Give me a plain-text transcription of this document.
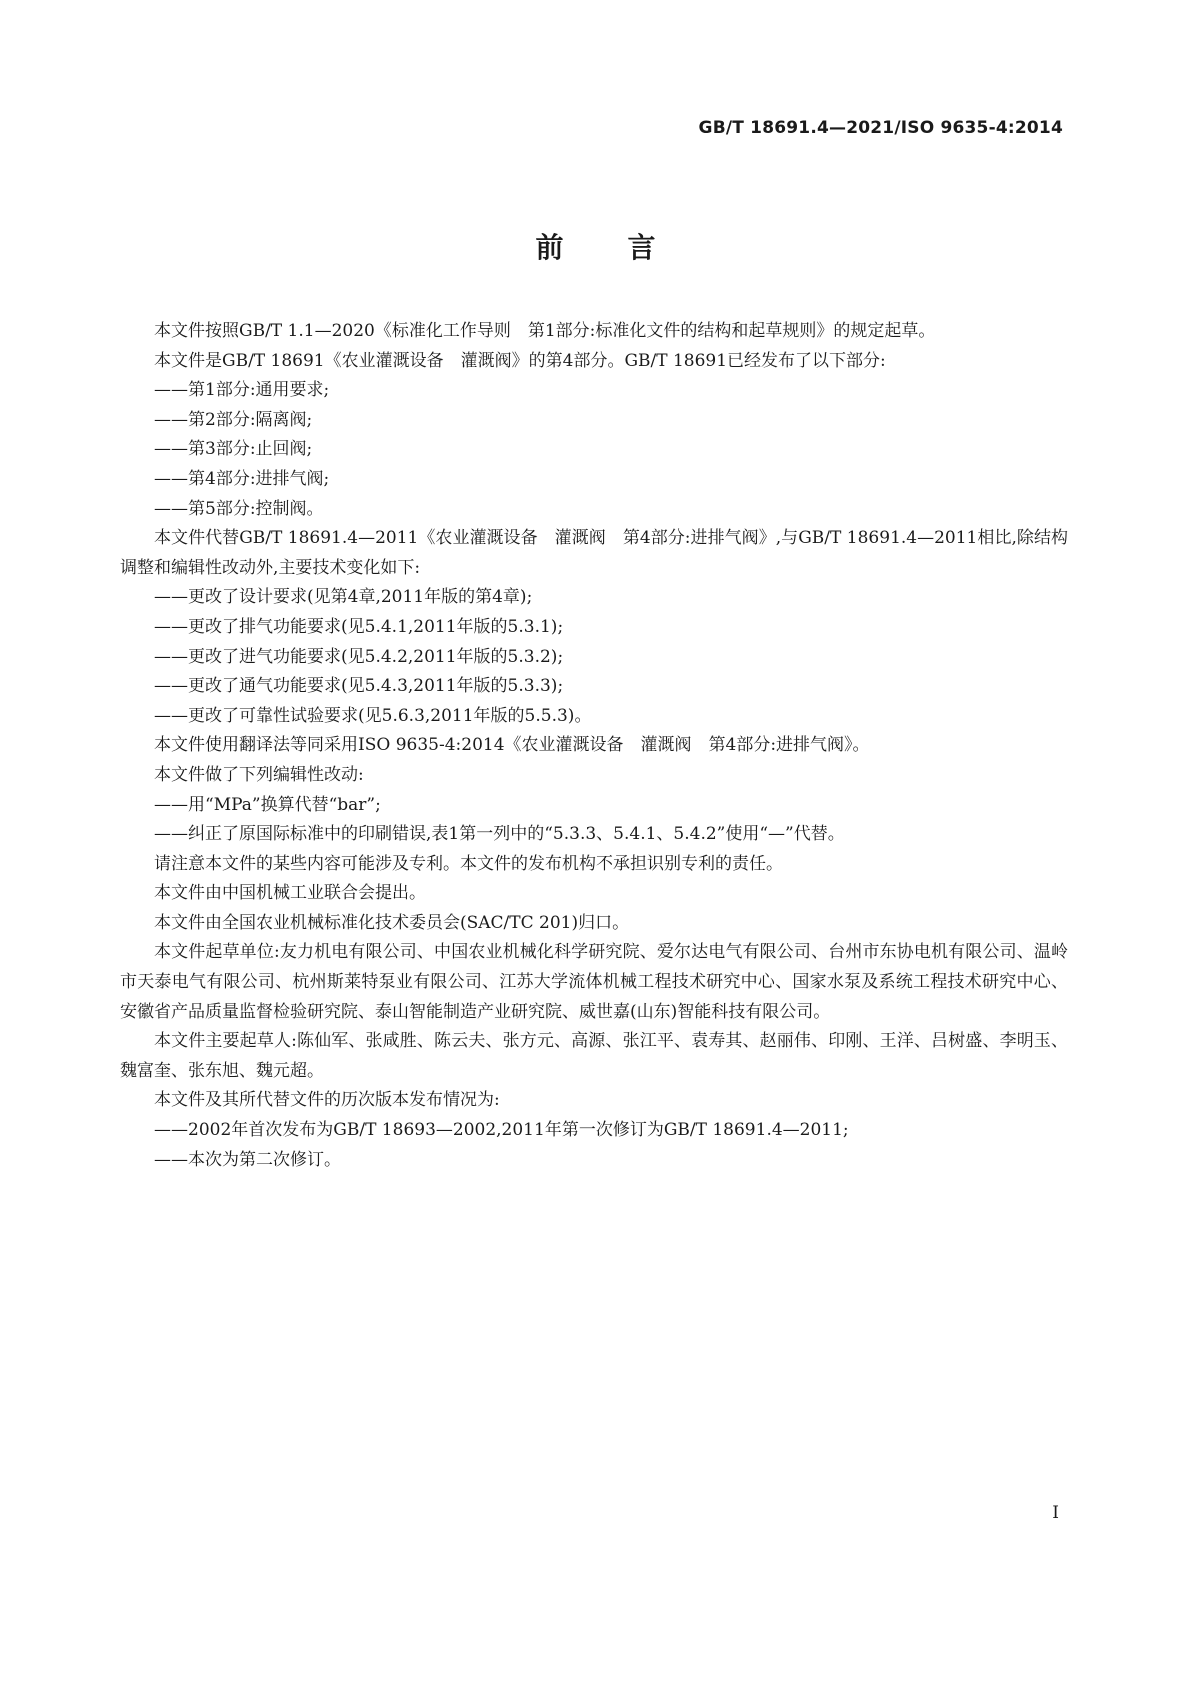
GB/T 18691.4—2021/ISO 9635-4:2014
前 言

本文件按照GB/T 1.1—2020《标准化工作导则　第1部分:标准化文件的结构和起草规则》的规定起草。

本文件是GB/T 18691《农业灌溉设备　灌溉阀》的第4部分。GB/T 18691已经发布了以下部分:

——第1部分:通用要求;

——第2部分:隔离阀;

——第3部分:止回阀;

——第4部分:进排气阀;

——第5部分:控制阀。

本文件代替GB/T 18691.4—2011《农业灌溉设备　灌溉阀　第4部分:进排气阀》,与GB/T 18691.4—2011相比,除结构调整和编辑性改动外,主要技术变化如下:

——更改了设计要求(见第4章,2011年版的第4章);

——更改了排气功能要求(见5.4.1,2011年版的5.3.1);

——更改了进气功能要求(见5.4.2,2011年版的5.3.2);

——更改了通气功能要求(见5.4.3,2011年版的5.3.3);

——更改了可靠性试验要求(见5.6.3,2011年版的5.5.3)。

本文件使用翻译法等同采用ISO 9635-4:2014《农业灌溉设备　灌溉阀　第4部分:进排气阀》。

本文件做了下列编辑性改动:

——用“MPa”换算代替“bar”;

——纠正了原国际标准中的印刷错误,表1第一列中的“5.3.3、5.4.1、5.4.2”使用“—”代替。

请注意本文件的某些内容可能涉及专利。本文件的发布机构不承担识别专利的责任。

本文件由中国机械工业联合会提出。

本文件由全国农业机械标准化技术委员会(SAC/TC 201)归口。

本文件起草单位:友力机电有限公司、中国农业机械化科学研究院、爱尔达电气有限公司、台州市东协电机有限公司、温岭市天泰电气有限公司、杭州斯莱特泵业有限公司、江苏大学流体机械工程技术研究中心、国家水泵及系统工程技术研究中心、安徽省产品质量监督检验研究院、泰山智能制造产业研究院、威世嘉(山东)智能科技有限公司。

本文件主要起草人:陈仙军、张咸胜、陈云夫、张方元、高源、张江平、袁寿其、赵丽伟、印刚、王洋、吕树盛、李明玉、魏富奎、张东旭、魏元超。

本文件及其所代替文件的历次版本发布情况为:

——2002年首次发布为GB/T 18693—2002,2011年第一次修订为GB/T 18691.4—2011;

——本次为第二次修订。

I
